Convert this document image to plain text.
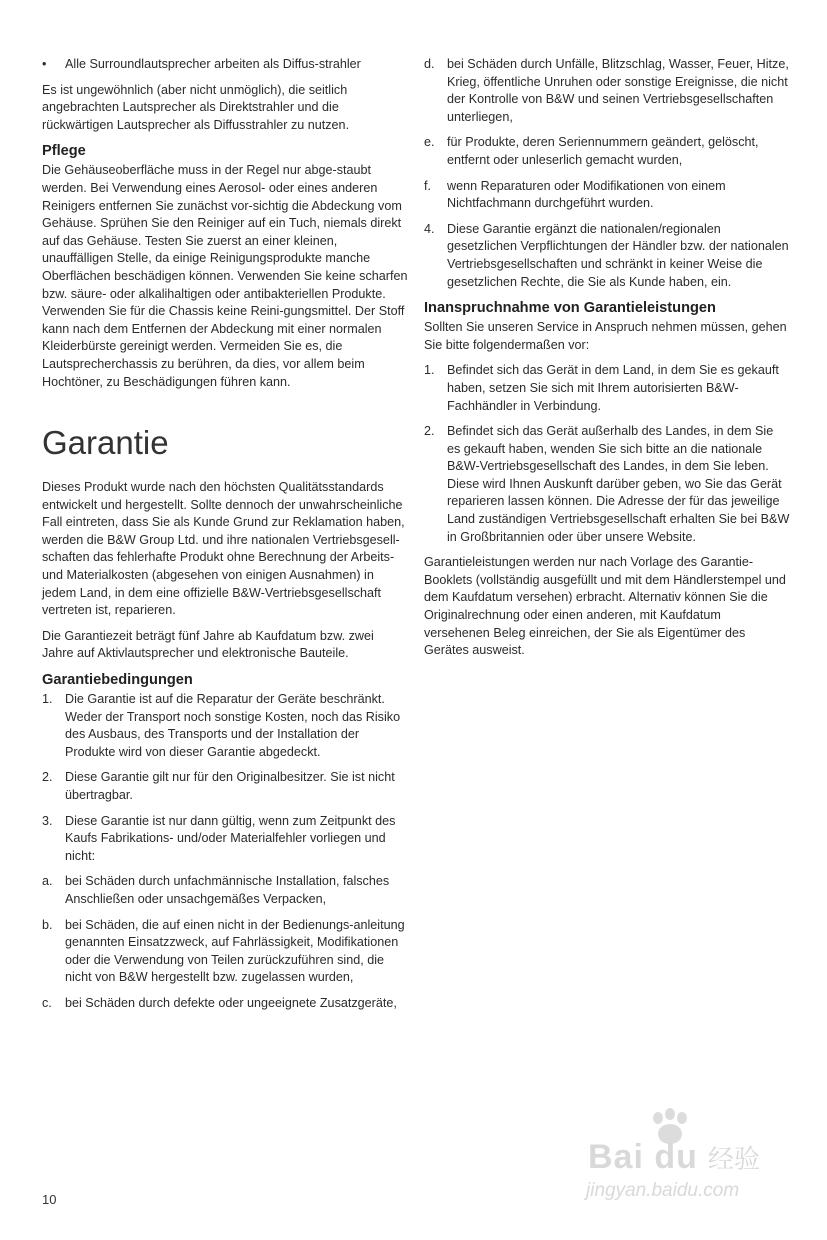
•	Alle Surroundlautsprecher arbeiten als Diffus-strahler

Es ist ungewöhnlich (aber nicht unmöglich), die seitlich angebrachten Lautsprecher als Direktstrahler und die rückwärtigen Lautsprecher als Diffusstrahler zu nutzen.

Pflege

Die Gehäuseoberfläche muss in der Regel nur abge-staubt werden. Bei Verwendung eines Aerosol- oder eines anderen Reinigers entfernen Sie zunächst vor-sichtig die Abdeckung vom Gehäuse. Sprühen Sie den Reiniger auf ein Tuch, niemals direkt auf das Gehäuse. Testen Sie zuerst an einer kleinen, unauffälligen Stelle, da einige Reinigungsprodukte manche Oberflächen beschädigen können. Verwenden Sie keine scharfen bzw. säure- oder alkalihaltigen oder antibakteriellen Produkte. Verwenden Sie für die Chassis keine Reini-gungsmittel. Der Stoff kann nach dem Entfernen der Abdeckung mit einer normalen Kleiderbürste gereinigt werden. Vermeiden Sie es, die Lautsprecherchassis zu berühren, da dies, vor allem beim Hochtöner, zu Beschädigungen führen kann.

Garantie

Dieses Produkt wurde nach den höchsten Qualitätsstandards entwickelt und hergestellt. Sollte dennoch der unwahrscheinliche Fall eintreten, dass Sie als Kunde Grund zur Reklamation haben, werden die B&W Group Ltd. und ihre nationalen Vertriebsgesell-schaften das fehlerhafte Produkt ohne Berechnung der Arbeits- und Materialkosten (abgesehen von einigen Ausnahmen) in jedem Land, in dem eine offizielle B&W-Vertriebsgesellschaft vertreten ist, reparieren.

Die Garantiezeit beträgt fünf Jahre ab Kaufdatum bzw. zwei Jahre auf Aktivlautsprecher und elektronische Bauteile.

Garantiebedingungen
1. Die Garantie ist auf die Reparatur der Geräte beschränkt. Weder der Transport noch sonstige Kosten, noch das Risiko des Ausbaus, des Transports und der Installation der Produkte wird von dieser Garantie abgedeckt.
2. Diese Garantie gilt nur für den Originalbesitzer. Sie ist nicht übertragbar.
3. Diese Garantie ist nur dann gültig, wenn zum Zeitpunkt des Kaufs Fabrikations- und/oder Materialfehler vorliegen und nicht:
a. bei Schäden durch unfachmännische Installation, falsches Anschließen oder unsachgemäßes Verpacken,
b. bei Schäden, die auf einen nicht in der Bedienungs-anleitung genannten Einsatzzweck, auf Fahrlässigkeit, Modifikationen oder die Verwendung von Teilen zurückzuführen sind, die nicht von B&W hergestellt bzw. zugelassen wurden,
c.	bei Schäden durch defekte oder ungeeignete Zusatzgeräte,
d. bei Schäden durch Unfälle, Blitzschlag, Wasser, Feuer, Hitze, Krieg, öffentliche Unruhen oder sonstige Ereignisse, die nicht der Kontrolle von B&W und seinen Vertriebsgesellschaften unterliegen,
e. für Produkte, deren Seriennummern geändert, gelöscht, entfernt oder unleserlich gemacht wurden,
f.	wenn Reparaturen oder Modifikationen von einem Nichtfachmann durchgeführt wurden.
4. Diese Garantie ergänzt die nationalen/regionalen gesetzlichen Verpflichtungen der Händler bzw. der nationalen Vertriebsgesellschaften und schränkt in keiner Weise die gesetzlichen Rechte, die Sie als Kunde haben, ein.
Inanspruchnahme von Garantieleistungen

Sollten Sie unseren Service in Anspruch nehmen müssen, gehen Sie bitte folgendermaßen vor:

1. Befindet sich das Gerät in dem Land, in dem Sie es gekauft haben, setzen Sie sich mit Ihrem autorisierten B&W-Fachhändler in Verbindung.
2. Befindet sich das Gerät außerhalb des Landes, in dem Sie es gekauft haben, wenden Sie sich bitte an die nationale B&W-Vertriebsgesellschaft des Landes, in dem Sie leben. Diese wird Ihnen Auskunft darüber geben, wo Sie das Gerät reparieren lassen können. Die Adresse der für das jeweilige Land zuständigen Vertriebsgesellschaft erhalten Sie bei B&W in Großbritannien oder über unsere Website.

Garantieleistungen werden nur nach Vorlage des Garantie-Booklets (vollständig ausgefüllt und mit dem Händlerstempel und dem Kaufdatum versehen) erbracht. Alternativ können Sie die Originalrechnung oder einen anderen, mit Kaufdatum versehenen Beleg einreichen, der Sie als Eigentümer des Gerätes ausweist.

10
Bai du 经验
jingyan.baidu.com
